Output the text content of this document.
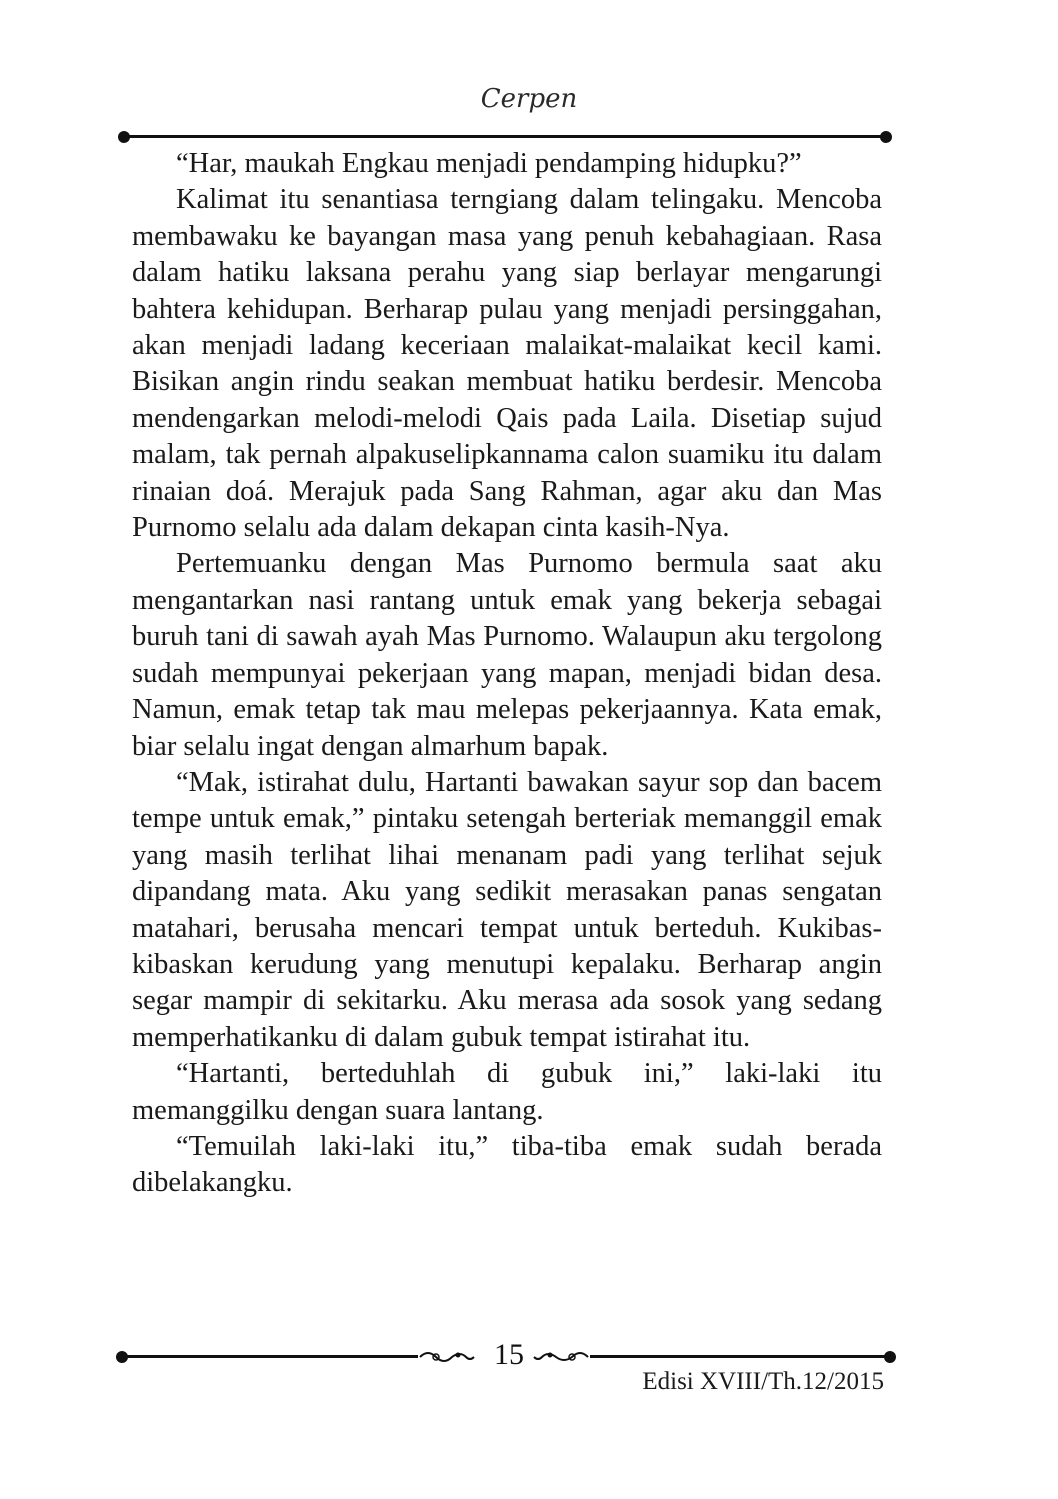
Cerpen

“Har, maukah Engkau menjadi pendamping hidupku?”

Kalimat itu senantiasa terngiang dalam telingaku. Mencoba membawaku ke bayangan masa yang penuh kebahagiaan. Rasa dalam hatiku laksana perahu yang siap berlayar mengarungi bahtera kehidupan. Berharap pulau yang menjadi persinggahan, akan menjadi ladang keceriaan malaikat-malaikat kecil kami. Bisikan angin rindu seakan membuat hatiku berdesir. Mencoba mendengarkan melodi-melodi Qais pada Laila. Disetiap sujud malam, tak pernah alpakuselipkannama calon suamiku itu dalam rinaian doá. Merajuk pada Sang Rahman, agar aku dan Mas Purnomo selalu ada dalam dekapan cinta kasih-Nya.

Pertemuanku dengan Mas Purnomo bermula saat aku mengantarkan nasi rantang untuk emak yang bekerja sebagai buruh tani di sawah ayah Mas Purnomo. Walaupun aku tergolong sudah mempunyai pekerjaan yang mapan, menjadi bidan desa. Namun, emak tetap tak mau melepas pekerjaannya. Kata emak, biar selalu ingat dengan almarhum bapak.

“Mak, istirahat dulu, Hartanti bawakan sayur sop dan bacem tempe untuk emak,” pintaku setengah berteriak memanggil emak yang masih terlihat lihai menanam padi yang terlihat sejuk dipandang mata. Aku yang sedikit merasakan panas sengatan matahari, berusaha mencari tempat untuk berteduh. Kukibas-kibaskan kerudung yang menutupi kepalaku. Berharap angin segar mampir di sekitarku. Aku merasa ada sosok yang sedang memperhatikanku di dalam gubuk tempat istirahat itu.

“Hartanti, berteduhlah di gubuk ini,” laki-laki itu memanggilku dengan suara lantang.

“Temuilah laki-laki itu,” tiba-tiba emak sudah berada dibelakangku.

15
Edisi XVIII/Th.12/2015
